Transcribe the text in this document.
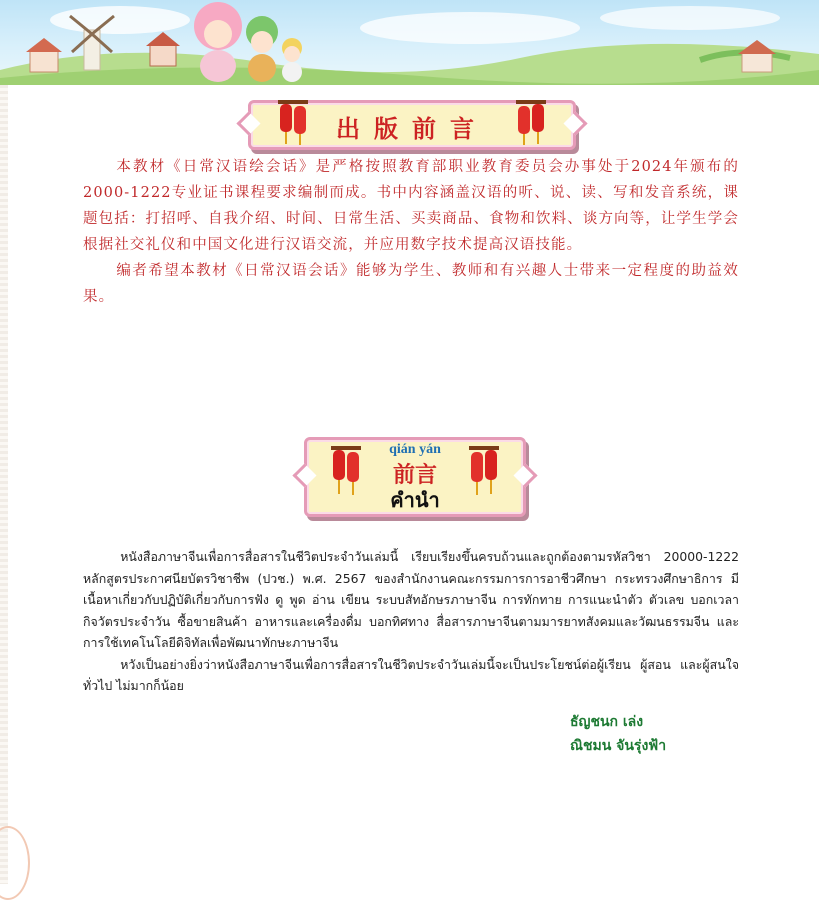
出版前言

本教材《日常汉语绘会话》是严格按照教育部职业教育委员会办事处于2024年颁布的2000-1222专业证书课程要求编制而成。书中内容涵盖汉语的听、说、读、写和发音系统，课题包括：打招呼、自我介绍、时间、日常生活、买卖商品、食物和饮料、谈方向等，让学生学会根据社交礼仪和中国文化进行汉语交流，并应用数字技术提高汉语技能。

编者希望本教材《日常汉语会话》能够为学生、教师和有兴趣人士带来一定程度的助益效果。

qián yán
前言
คำนำ

หนังสือภาษาจีนเพื่อการสื่อสารในชีวิตประจำวันเล่มนี้ เรียบเรียงขึ้นครบถ้วนและถูกต้องตามรหัสวิชา 20000-1222 หลักสูตรประกาศนียบัตรวิชาชีพ (ปวช.) พ.ศ. 2567 ของสำนักงานคณะกรรมการการอาชีวศึกษา กระทรวงศึกษาธิการ มีเนื้อหาเกี่ยวกับปฏิบัติเกี่ยวกับการฟัง ดู พูด อ่าน เขียน ระบบสัทอักษรภาษาจีน การทักทาย การแนะนำตัว ตัวเลข บอกเวลา กิจวัตรประจำวัน ซื้อขายสินค้า อาหารและเครื่องดื่ม บอกทิศทาง สื่อสารภาษาจีนตามมารยาทสังคมและวัฒนธรรมจีน และการใช้เทคโนโลยีดิจิทัลเพื่อพัฒนาทักษะภาษาจีน

หวังเป็นอย่างยิ่งว่าหนังสือภาษาจีนเพื่อการสื่อสารในชีวิตประจำวันเล่มนี้จะเป็นประโยชน์ต่อผู้เรียน ผู้สอน และผู้สนใจทั่วไป ไม่มากก็น้อย

ธัญชนก เล่ง
ณิชมน จันรุ่งฟ้า
